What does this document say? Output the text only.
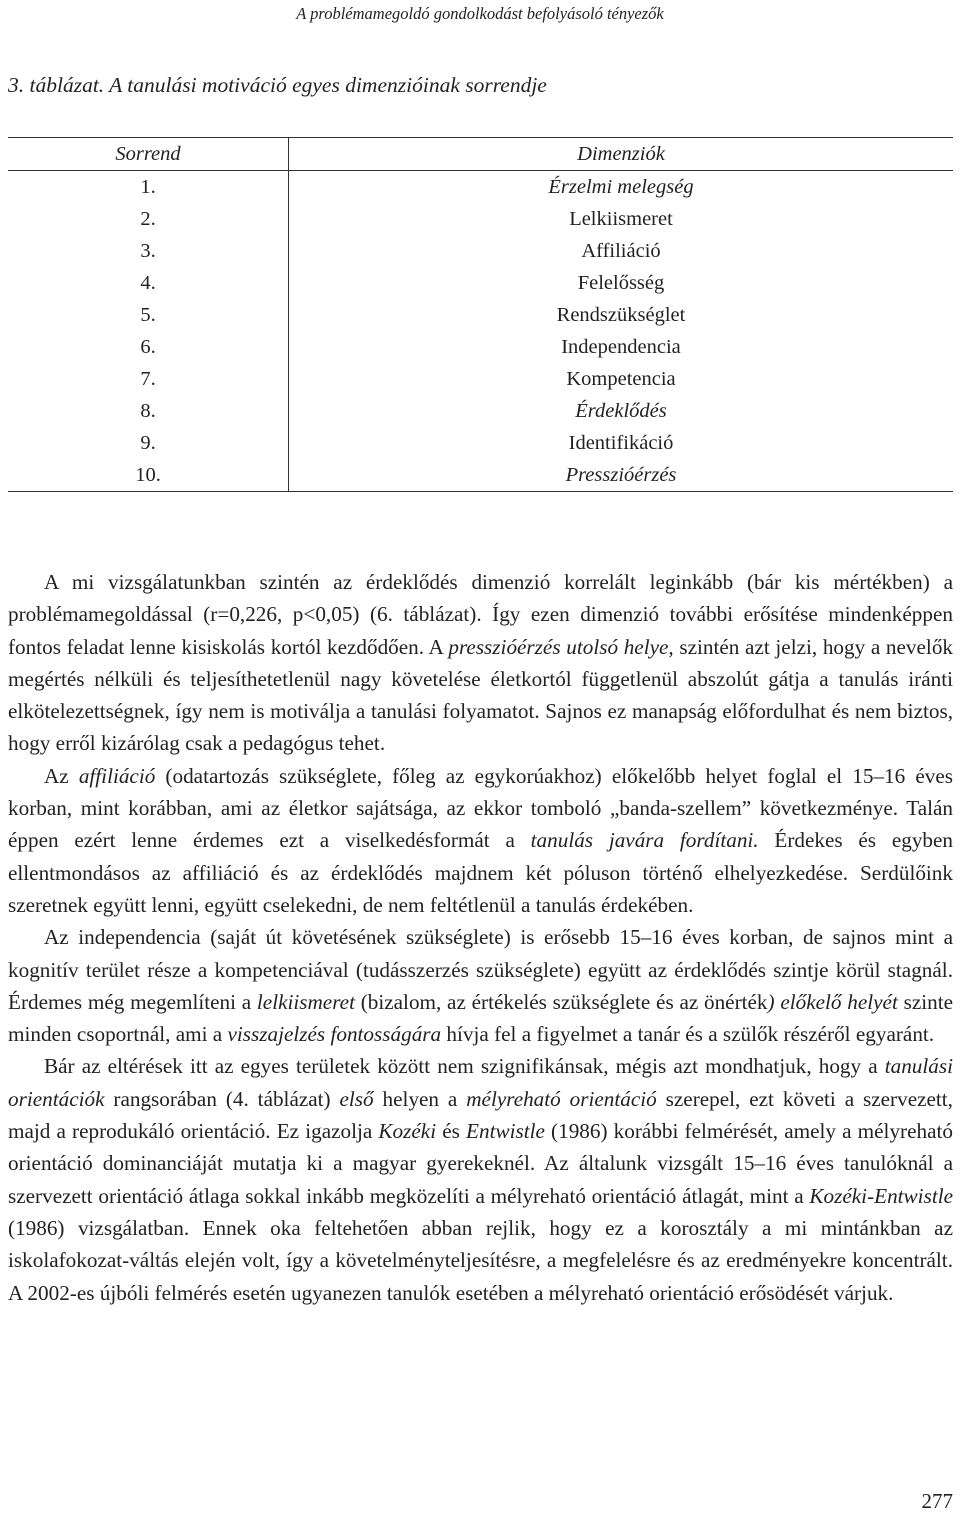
A problémamegoldó gondolkodást befolyásoló tényezők
3. táblázat. A tanulási motiváció egyes dimenzióinak sorrendje
Sorrend	Dimenziók
1.	Érzelmi melegség
2.	Lelkiismeret
3.	Affiliáció
4.	Felelősség
5.	Rendszükséglet
6.	Independencia
7.	Kompetencia
8.	Érdeklődés
9.	Identifikáció
10.	Presszióérzés

A mi vizsgálatunkban szintén az érdeklődés dimenzió korrelált leginkább (bár kis mértékben) a problémamegoldással (r=0,226, p<0,05) (6. táblázat). Így ezen dimenzió további erősítése mindenképpen fontos feladat lenne kisiskolás kortól kezdődően. A presszióérzés utolsó helye, szintén azt jelzi, hogy a nevelők megértés nélküli és teljesíthetetlenül nagy követelése életkortól függetlenül abszolút gátja a tanulás iránti elkötelezettségnek, így nem is motiválja a tanulási folyamatot. Sajnos ez manapság előfordulhat és nem biztos, hogy erről kizárólag csak a pedagógus tehet.

Az affiliáció (odatartozás szükséglete, főleg az egykorúakhoz) előkelőbb helyet foglal el 15–16 éves korban, mint korábban, ami az életkor sajátsága, az ekkor tomboló „banda-szellem” következménye. Talán éppen ezért lenne érdemes ezt a viselkedésformát a tanulás javára fordítani. Érdekes és egyben ellentmondásos az affiliáció és az érdeklődés majdnem két póluson történő elhelyezkedése. Serdülőink szeretnek együtt lenni, együtt cselekedni, de nem feltétlenül a tanulás érdekében.

Az independencia (saját út követésének szükséglete) is erősebb 15–16 éves korban, de sajnos mint a kognitív terület része a kompetenciával (tudásszerzés szükséglete) együtt az érdeklődés szintje körül stagnál. Érdemes még megemlíteni a lelkiismeret (bizalom, az értékelés szükséglete és az önérték) előkelő helyét szinte minden csoportnál, ami a visszajelzés fontosságára hívja fel a figyelmet a tanár és a szülők részéről egyaránt.

Bár az eltérések itt az egyes területek között nem szignifikánsak, mégis azt mondhatjuk, hogy a tanulási orientációk rangsorában (4. táblázat) első helyen a mélyreható orientáció szerepel, ezt követi a szervezett, majd a reprodukáló orientáció. Ez igazolja Kozéki és Entwistle (1986) korábbi felmérését, amely a mélyreható orientáció dominanciáját mutatja ki a magyar gyerekeknél. Az általunk vizsgált 15–16 éves tanulóknál a szervezett orientáció átlaga sokkal inkább megközelíti a mélyreható orientáció átlagát, mint a Kozéki-Entwistle (1986) vizsgálatban. Ennek oka feltehetően abban rejlik, hogy ez a korosztály a mi mintánkban az iskolafokozat-váltás elején volt, így a követelményteljesítésre, a megfelelésre és az eredményekre koncentrált. A 2002-es újbóli felmérés esetén ugyanezen tanulók esetében a mélyreható orientáció erősödését várjuk.

277
